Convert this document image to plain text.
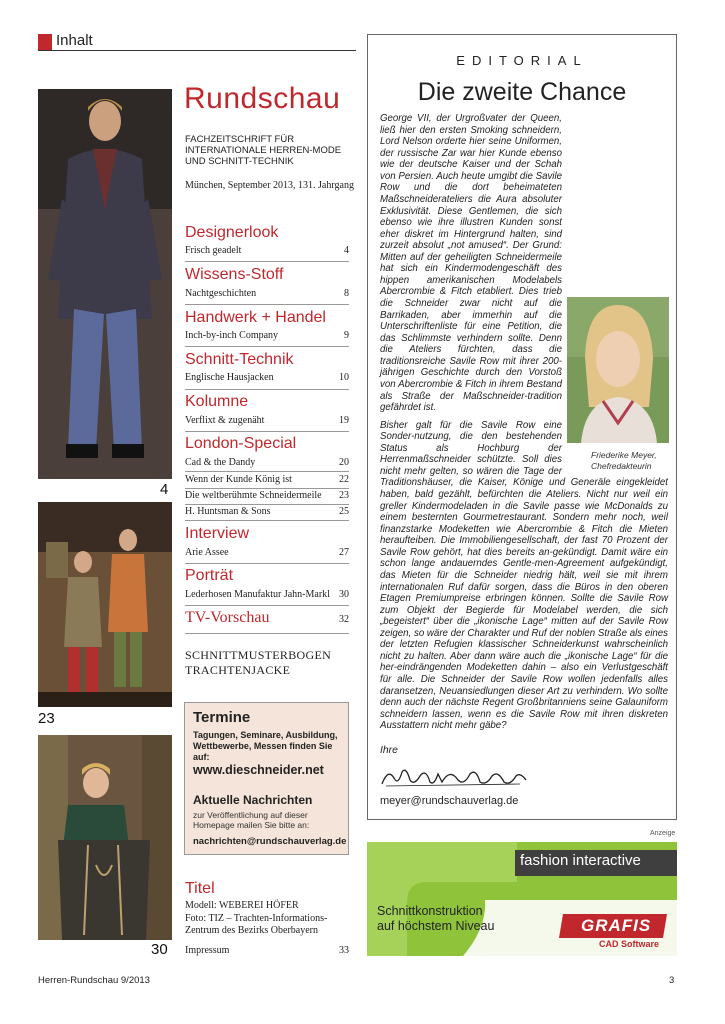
Inhalt
4
23
30
Rundschau
FACHZEITSCHRIFT FÜR INTERNATIONALE HERREN-MODE UND SCHNITT-TECHNIK
München, September 2013, 131. Jahrgang
Designerlook
Frisch geadelt	4
Wissens-Stoff
Nachtgeschichten	8
Handwerk + Handel
Inch-by-inch Company	9
Schnitt-Technik
Englische Hausjacken	10
Kolumne
Verflixt & zugenäht	19
London-Special
Cad & the Dandy	20
Wenn der Kunde König ist	22
Die weltberühmte Schneidermeile 23
H. Huntsman & Sons	25
Interview
Arie Assee	27
Porträt
Lederhosen Manufaktur Jahn-Markl 30
TV-Vorschau	32
SCHNITTMUSTERBOGEN
TRACHTENJACKE
Termine
Tagungen, Seminare, Ausbildung, Wettbewerbe, Messen finden Sie auf:
www.dieschneider.net
Aktuelle Nachrichten
zur Veröffentlichung auf dieser Homepage mailen Sie bitte an:
nachrichten@rundschauverlag.de
Titel
Modell: WEBEREI HÖFER
Foto: TIZ – Trachten-Informations-
Zentrum des Bezirks Oberbayern
Impressum	33
EDITORIAL
Die zweite Chance

George VII, der Urgroßvater der Queen, ließ hier den ersten Smoking schneidern, Lord Nelson orderte hier seine Uniformen, der russische Zar war hier Kunde ebenso wie der deutsche Kaiser und der Schah von Persien. Auch heute umgibt die Savile Row und die dort beheimateten Maßschneiderateliers die Aura absoluter Exklusivität. Diese Gentlemen, die sich ebenso wie ihre illustren Kunden sonst eher diskret im Hintergrund halten, sind zurzeit absolut „not amused“. Der Grund: Mitten auf der geheiligten Schneidermeile hat sich ein Kindermodengeschäft des hippen amerikanischen Modelabels Abercrombie & Fitch etabliert. Dies trieb die Schneider zwar nicht auf die Barrikaden, aber immerhin auf die Unterschriftenliste für eine Petition, die das Schlimmste verhindern sollte. Denn die Ateliers fürchten, dass die traditionsreiche Savile Row mit ihrer 200-jährigen Geschichte durch den Vorstoß von Abercrombie & Fitch in ihrem Bestand als Straße der Maßschneider-tradition gefährdet ist.

Bisher galt für die Savile Row eine Sonder-nutzung, die den bestehenden Status als Hochburg der Herrenmaßschneider schützte. Soll dies nicht mehr gelten, so wären die Tage der Traditionshäuser, die Kaiser, Könige und Generäle eingekleidet haben, bald gezählt, befürchten die Ateliers. Nicht nur weil ein greller Kindermodeladen in die Savile passe wie McDonalds zu einem besternten Gourmetrestaurant. Sondern mehr noch, weil finanzstarke Modeketten wie Abercrombie & Fitch die Mieten heraufteiben. Die Immobiliengesellschaft, der fast 70 Prozent der Savile Row gehört, hat dies bereits an-gekündigt. Damit wäre ein schon lange andauerndes Gentle-men-Agreement aufgekündigt, das Mieten für die Schneider niedrig hält, weil sie mit ihrem internationalen Ruf dafür sorgen, dass die Büros in den oberen Etagen Premiumpreise erbringen können. Sollte die Savile Row zum Objekt der Begierde für Modelabel werden, die sich „begeistert“ über die „ikonische Lage“ mitten auf der Savile Row zeigen, so wäre der Charakter und Ruf der noblen Straße als eines der letzten Refugien klassischer Schneiderkunst wahrscheinlich nicht zu halten. Aber dann wäre auch die „ikonische Lage“ für die her-eindrängenden Modeketten dahin – also ein Verlustgeschäft für alle. Die Schneider der Savile Row wollen jedenfalls alles daransetzen, Neuansiedlungen dieser Art zu verhindern. Wo sollte denn auch der nächste Regent Großbritanniens seine Galauniform schneidern lassen, wenn es die Savile Row mit ihren diskreten Ausstattern nicht mehr gäbe?

Friederike Meyer,
Chefredakteurin
Ihre
meyer@rundschauverlag.de
Anzeige
fashion interactive
Schnittkonstruktion
auf höchstem Niveau	GRAFIS
CAD Software
Herren-Rundschau 9/2013	3
